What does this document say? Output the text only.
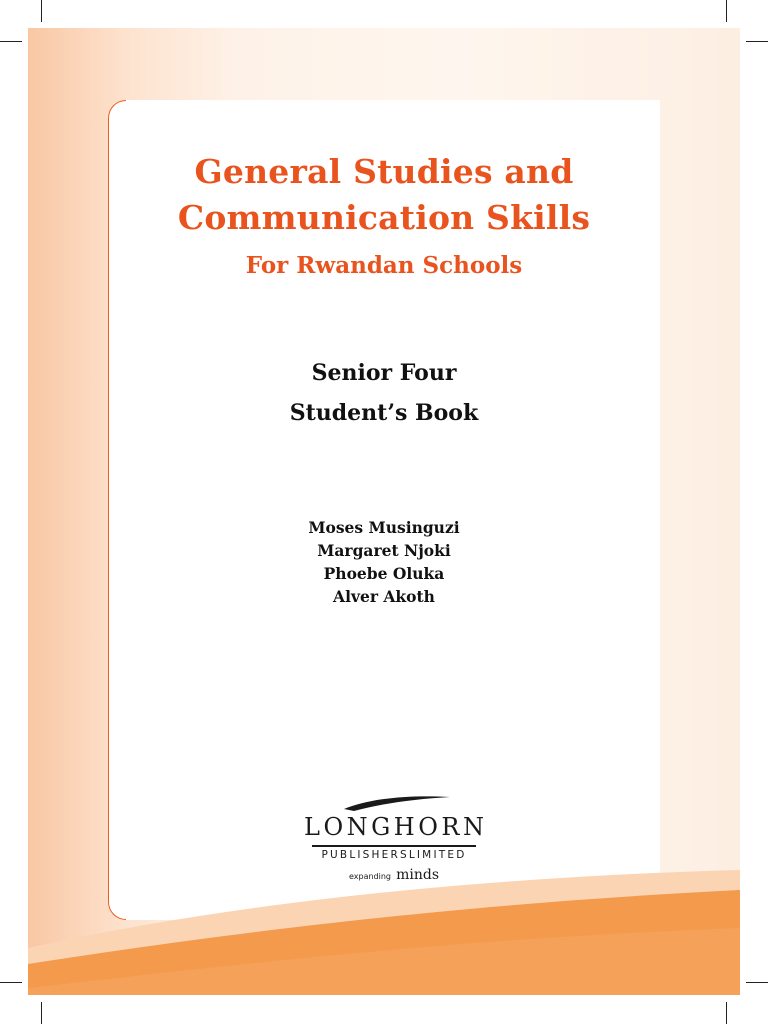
General Studies and
Communication Skills
For Rwandan Schools
Senior Four
Student’s Book
Moses Musinguzi
Margaret Njoki
Phoebe Oluka
Alver Akoth
LONGHORN
PUBLISHERSLIMITED
expanding minds
